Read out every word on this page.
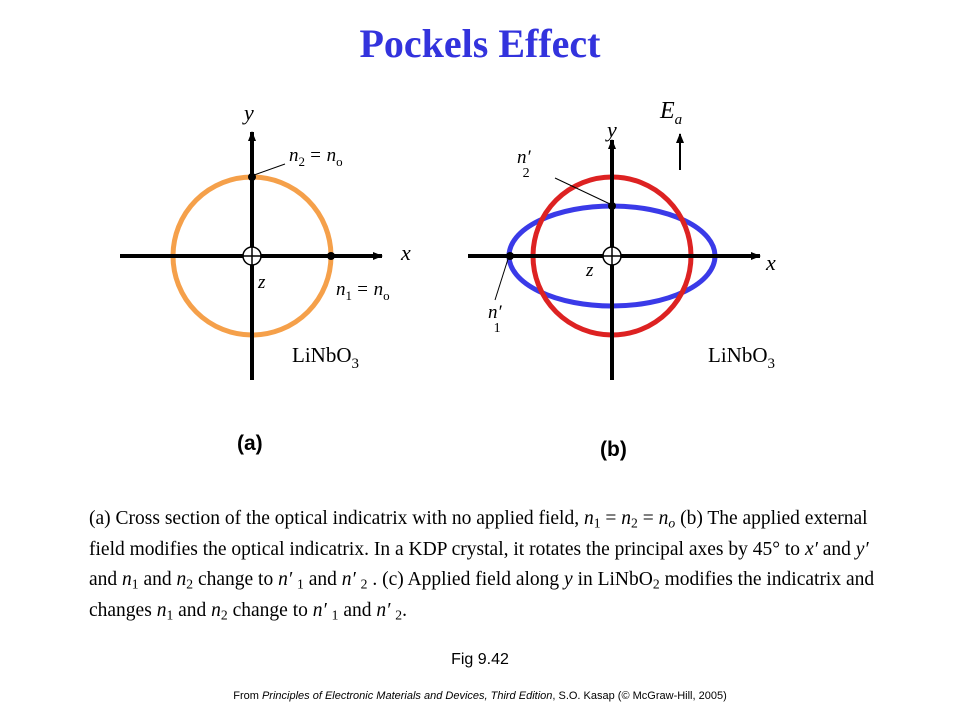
Pockels Effect
y
x
z
$n_2 = n_o$
$n_1 = n_o$
LiNbO$_3$
(a)
$E_a$
y
x
z
n′ 2
n′ 1
LiNbO$_3$
(b)
(a) Cross section of the optical indicatrix with no applied field, $n_1 = n_2 = n_o$ (b) The applied external field modifies the optical indicatrix. In a KDP crystal, it rotates the principal axes by 45° to x′ and y′ and $n_1$ and $n_2$ change to n′ $_1$ and n′ $_2$ . (c) Applied field along y in LiNbO$_2$ modifies the indicatrix and changes $n_1$ and $n_2$ change to n′ $_1$ and n′ $_2$.
Fig 9.42
From Principles of Electronic Materials and Devices, Third Edition, S.O. Kasap (© McGraw-Hill, 2005)
